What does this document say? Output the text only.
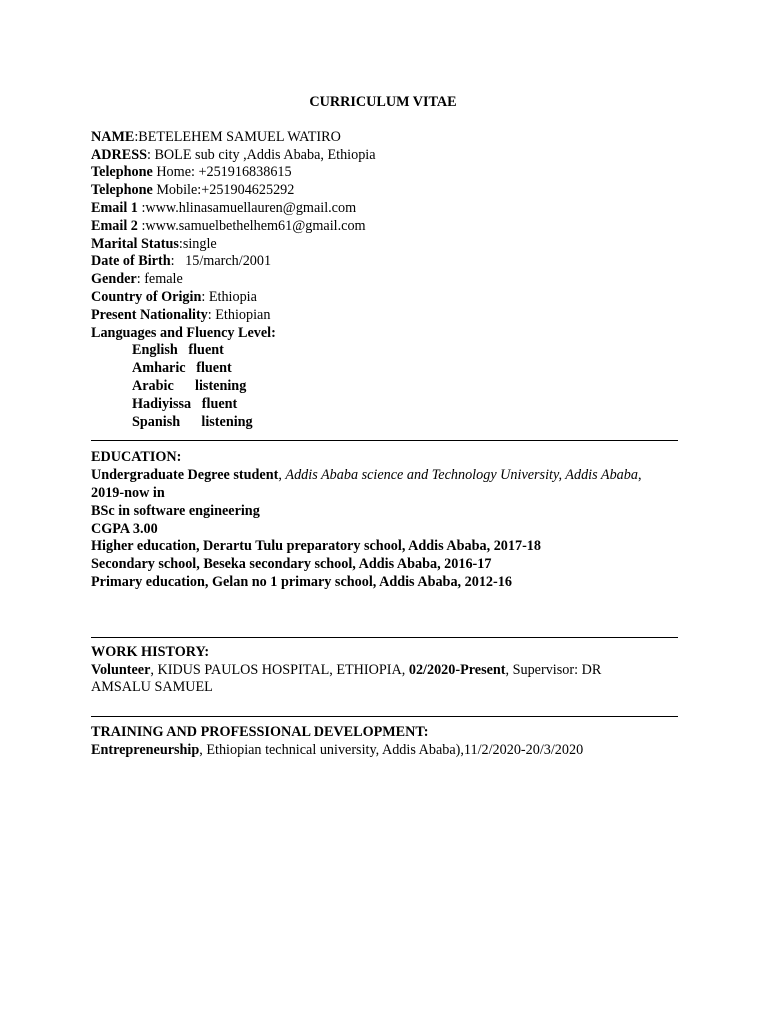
CURRICULUM VITAE
NAME:BETELEHEM SAMUEL WATIRO
ADRESS: BOLE sub city ,Addis Ababa, Ethiopia
Telephone Home: +251916838615
Telephone Mobile:+251904625292
Email 1 :www.hlinasamuellauren@gmail.com
Email 2 :www.samuelbethelhem61@gmail.com
Marital Status:single
Date of Birth:   15/march/2001
Gender: female
Country of Origin: Ethiopia
Present Nationality: Ethiopian
Languages and Fluency Level:
English   fluent
Amharic   fluent
Arabic      listening
Hadiyissa   fluent
Spanish      listening
EDUCATION:
Undergraduate Degree student, Addis Ababa science and Technology University, Addis Ababa, 2019-now in
BSc in software engineering
CGPA 3.00
Higher education, Derartu Tulu preparatory school, Addis Ababa, 2017-18
Secondary school, Beseka secondary school, Addis Ababa, 2016-17
Primary education, Gelan no 1 primary school, Addis Ababa, 2012-16
WORK HISTORY:
Volunteer, KIDUS PAULOS HOSPITAL, ETHIOPIA, 02/2020-Present, Supervisor: DR AMSALU SAMUEL
TRAINING AND PROFESSIONAL DEVELOPMENT:
Entrepreneurship, Ethiopian technical university, Addis Ababa),11/2/2020-20/3/2020
